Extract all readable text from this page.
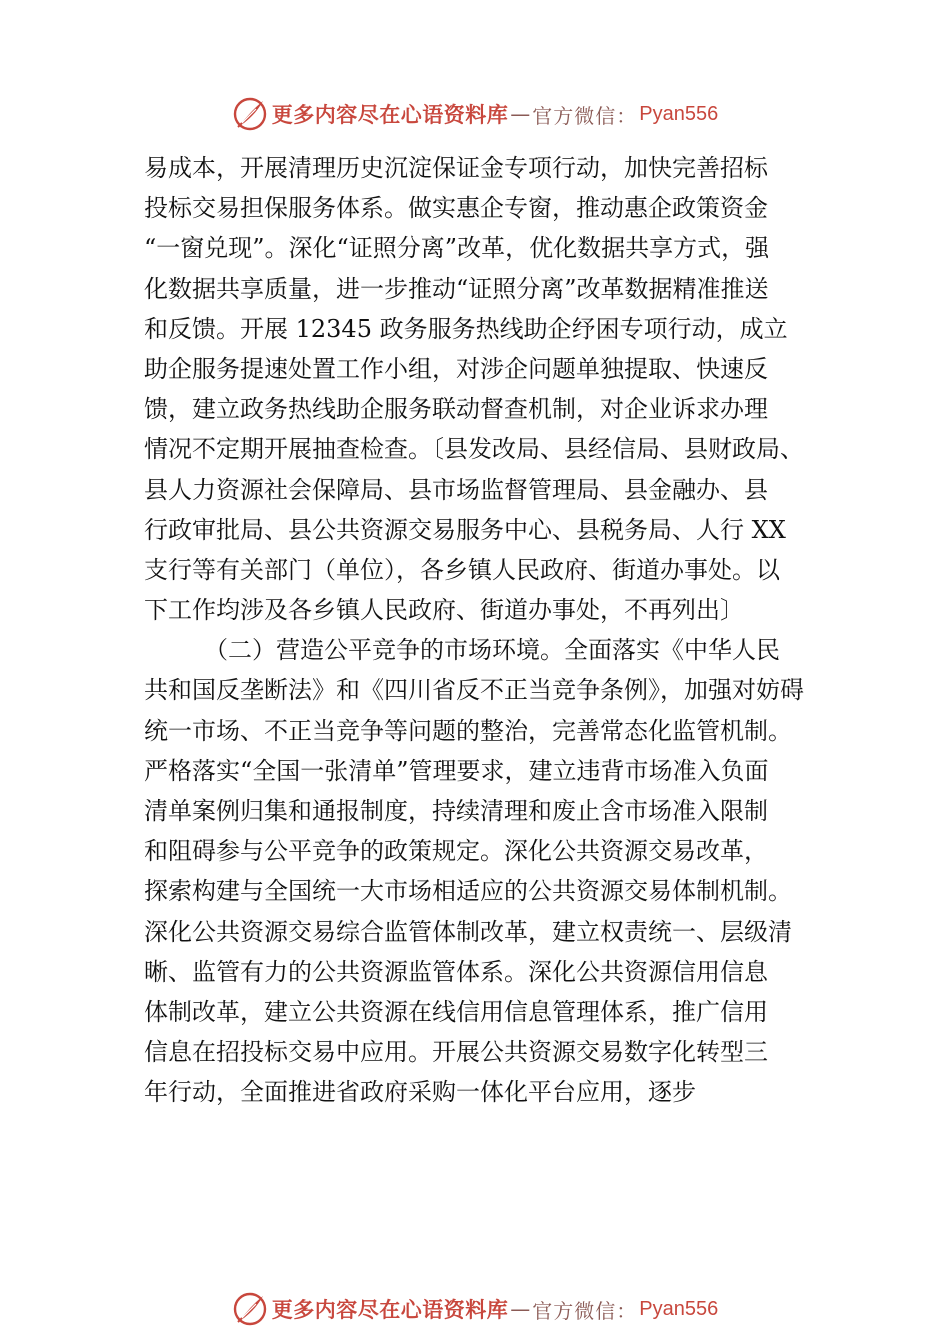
更多内容尽在心语资料库 — 官方微信： Pyan556
易成本，开展清理历史沉淀保证金专项行动，加快完善招标
投标交易担保服务体系。做实惠企专窗，推动惠企政策资金
“一窗兑现”。深化“证照分离”改革，优化数据共享方式，强
化数据共享质量，进一步推动“证照分离”改革数据精准推送
和反馈。开展 12345 政务服务热线助企纾困专项行动，成立
助企服务提速处置工作小组，对涉企问题单独提取、快速反
馈，建立政务热线助企服务联动督查机制，对企业诉求办理
情况不定期开展抽查检查。〔县发改局、县经信局、县财政局、
县人力资源社会保障局、县市场监督管理局、县金融办、县
行政审批局、县公共资源交易服务中心、县税务局、人行 XX
支行等有关部门（单位），各乡镇人民政府、街道办事处。以
下工作均涉及各乡镇人民政府、街道办事处，不再列出〕
（二）营造公平竞争的市场环境。全面落实《中华人民
共和国反垄断法》和《四川省反不正当竞争条例》，加强对妨碍
统一市场、不正当竞争等问题的整治，完善常态化监管机制。
严格落实“全国一张清单”管理要求，建立违背市场准入负面
清单案例归集和通报制度，持续清理和废止含市场准入限制
和阻碍参与公平竞争的政策规定。深化公共资源交易改革，
探索构建与全国统一大市场相适应的公共资源交易体制机制。
深化公共资源交易综合监管体制改革，建立权责统一、层级清
晰、监管有力的公共资源监管体系。深化公共资源信用信息
体制改革，建立公共资源在线信用信息管理体系，推广信用
信息在招投标交易中应用。开展公共资源交易数字化转型三
年行动，全面推进省政府采购一体化平台应用，逐步
更多内容尽在心语资料库 — 官方微信： Pyan556
